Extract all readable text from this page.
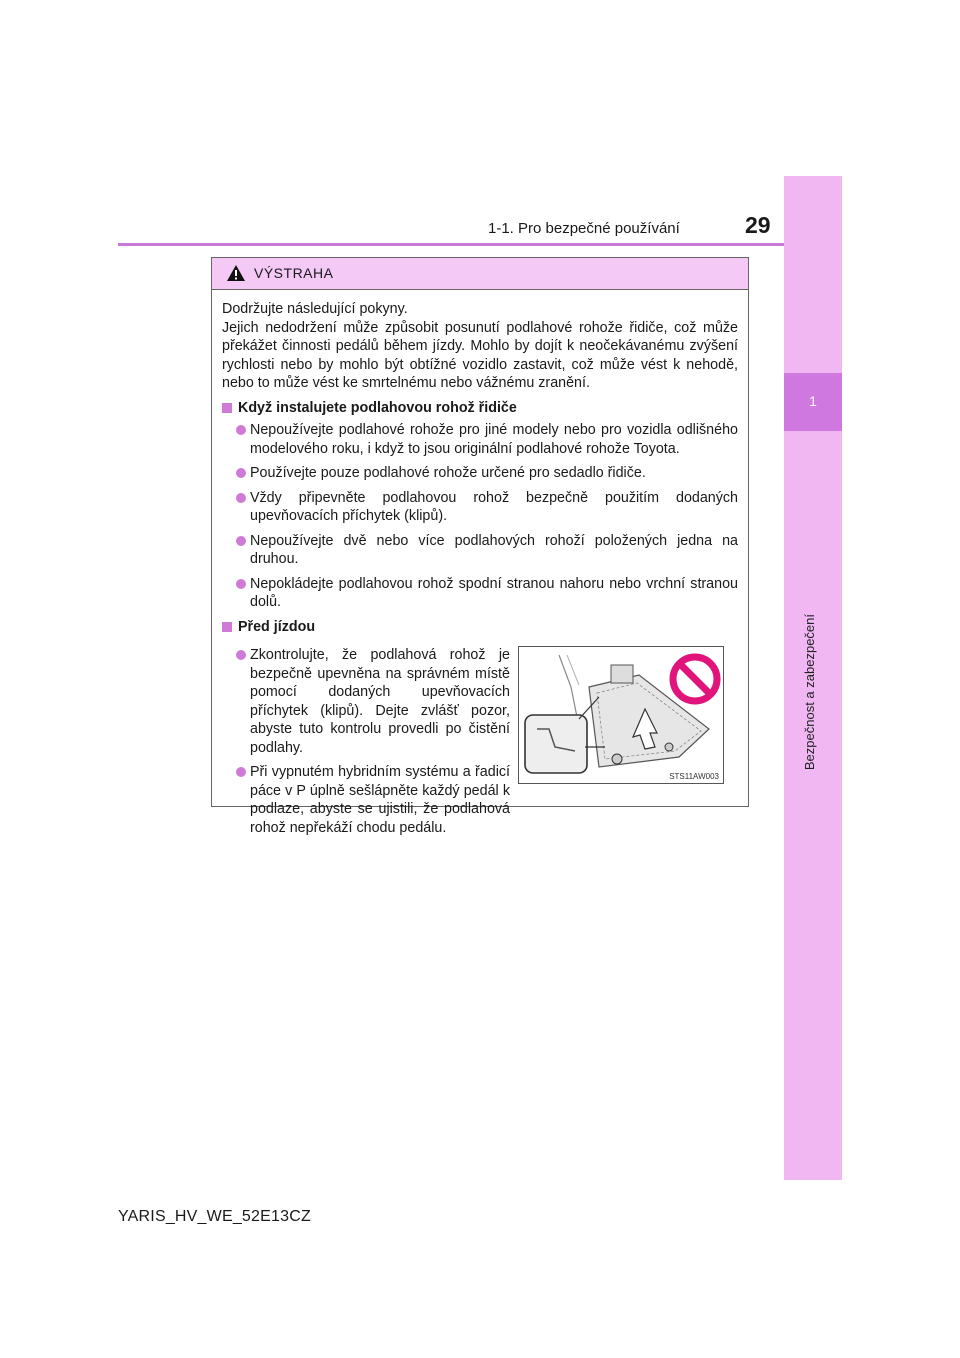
1-1. Pro bezpečné používání	29
1
Bezpečnost a zabezpečení
VÝSTRAHA

Dodržujte následující pokyny.
Jejich nedodržení může způsobit posunutí podlahové rohože řidiče, což může překážet činnosti pedálů během jízdy. Mohlo by dojít k neočekávanému zvýšení rychlosti nebo by mohlo být obtížné vozidlo zastavit, což může vést k nehodě, nebo to může vést ke smrtelnému nebo vážnému zranění.

Když instalujete podlahovou rohož řidiče
Nepoužívejte podlahové rohože pro jiné modely nebo pro vozidla odlišného modelového roku, i když to jsou originální podlahové rohože Toyota.
Používejte pouze podlahové rohože určené pro sedadlo řidiče.
Vždy připevněte podlahovou rohož bezpečně použitím dodaných upevňovacích příchytek (klipů).
Nepoužívejte dvě nebo více podlahových rohoží položených jedna na druhou.
Nepokládejte podlahovou rohož spodní stranou nahoru nebo vrchní stranou dolů.
Před jízdou
Zkontrolujte, že podlahová rohož je bezpečně upevněna na správném místě pomocí dodaných upevňovacích příchytek (klipů). Dejte zvlášť pozor, abyste tuto kontrolu provedli po čistění podlahy.
Při vypnutém hybridním systému a řadicí páce v P úplně sešlápněte každý pedál k podlaze, abyste se ujistili, že podlahová rohož nepřekáží chodu pedálu.
STS11AW003
YARIS_HV_WE_52E13CZ
